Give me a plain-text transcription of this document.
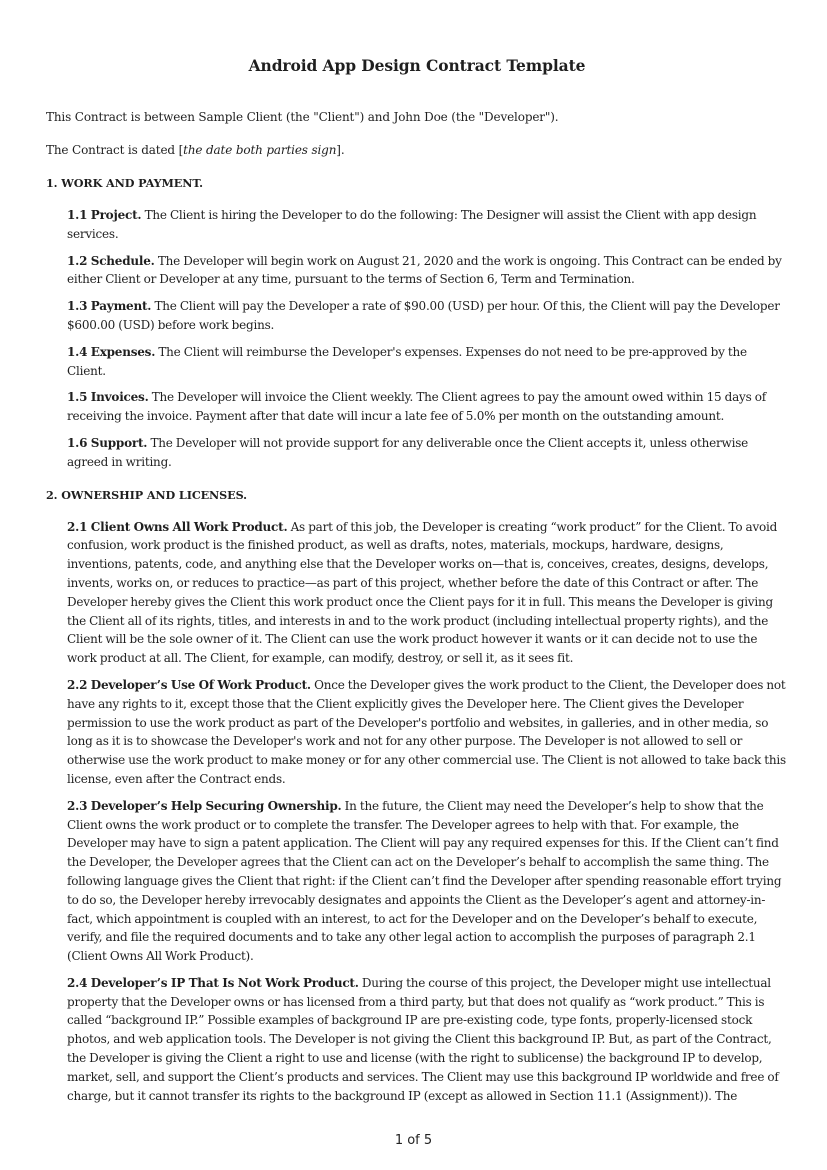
Android App Design Contract Template

This Contract is between Sample Client (the "Client") and John Doe (the "Developer").

The Contract is dated [the date both parties sign].

1. WORK AND PAYMENT.

1.1 Project. The Client is hiring the Developer to do the following: The Designer will assist the Client with app design services.

1.2 Schedule. The Developer will begin work on August 21, 2020 and the work is ongoing. This Contract can be ended by either Client or Developer at any time, pursuant to the terms of Section 6, Term and Termination.

1.3 Payment. The Client will pay the Developer a rate of $90.00 (USD) per hour. Of this, the Client will pay the Developer $600.00 (USD) before work begins.

1.4 Expenses. The Client will reimburse the Developer's expenses. Expenses do not need to be pre-approved by the Client.

1.5 Invoices. The Developer will invoice the Client weekly. The Client agrees to pay the amount owed within 15 days of receiving the invoice. Payment after that date will incur a late fee of 5.0% per month on the outstanding amount.

1.6 Support. The Developer will not provide support for any deliverable once the Client accepts it, unless otherwise agreed in writing.

2. OWNERSHIP AND LICENSES.

2.1 Client Owns All Work Product. As part of this job, the Developer is creating “work product” for the Client. To avoid confusion, work product is the finished product, as well as drafts, notes, materials, mockups, hardware, designs, inventions, patents, code, and anything else that the Developer works on—that is, conceives, creates, designs, develops, invents, works on, or reduces to practice—as part of this project, whether before the date of this Contract or after. The Developer hereby gives the Client this work product once the Client pays for it in full. This means the Developer is giving the Client all of its rights, titles, and interests in and to the work product (including intellectual property rights), and the Client will be the sole owner of it. The Client can use the work product however it wants or it can decide not to use the work product at all. The Client, for example, can modify, destroy, or sell it, as it sees fit.

2.2 Developer’s Use Of Work Product. Once the Developer gives the work product to the Client, the Developer does not have any rights to it, except those that the Client explicitly gives the Developer here. The Client gives the Developer permission to use the work product as part of the Developer's portfolio and websites, in galleries, and in other media, so long as it is to showcase the Developer's work and not for any other purpose. The Developer is not allowed to sell or otherwise use the work product to make money or for any other commercial use. The Client is not allowed to take back this license, even after the Contract ends.

2.3 Developer’s Help Securing Ownership. In the future, the Client may need the Developer’s help to show that the Client owns the work product or to complete the transfer. The Developer agrees to help with that. For example, the Developer may have to sign a patent application. The Client will pay any required expenses for this. If the Client can’t find the Developer, the Developer agrees that the Client can act on the Developer’s behalf to accomplish the same thing. The following language gives the Client that right: if the Client can’t find the Developer after spending reasonable effort trying to do so, the Developer hereby irrevocably designates and appoints the Client as the Developer’s agent and attorney-in-fact, which appointment is coupled with an interest, to act for the Developer and on the Developer’s behalf to execute, verify, and file the required documents and to take any other legal action to accomplish the purposes of paragraph 2.1 (Client Owns All Work Product).

2.4 Developer’s IP That Is Not Work Product. During the course of this project, the Developer might use intellectual property that the Developer owns or has licensed from a third party, but that does not qualify as “work product.” This is called “background IP.” Possible examples of background IP are pre-existing code, type fonts, properly-licensed stock photos, and web application tools. The Developer is not giving the Client this background IP. But, as part of the Contract, the Developer is giving the Client a right to use and license (with the right to sublicense) the background IP to develop, market, sell, and support the Client’s products and services. The Client may use this background IP worldwide and free of charge, but it cannot transfer its rights to the background IP (except as allowed in Section 11.1 (Assignment)). The

1 of 5
